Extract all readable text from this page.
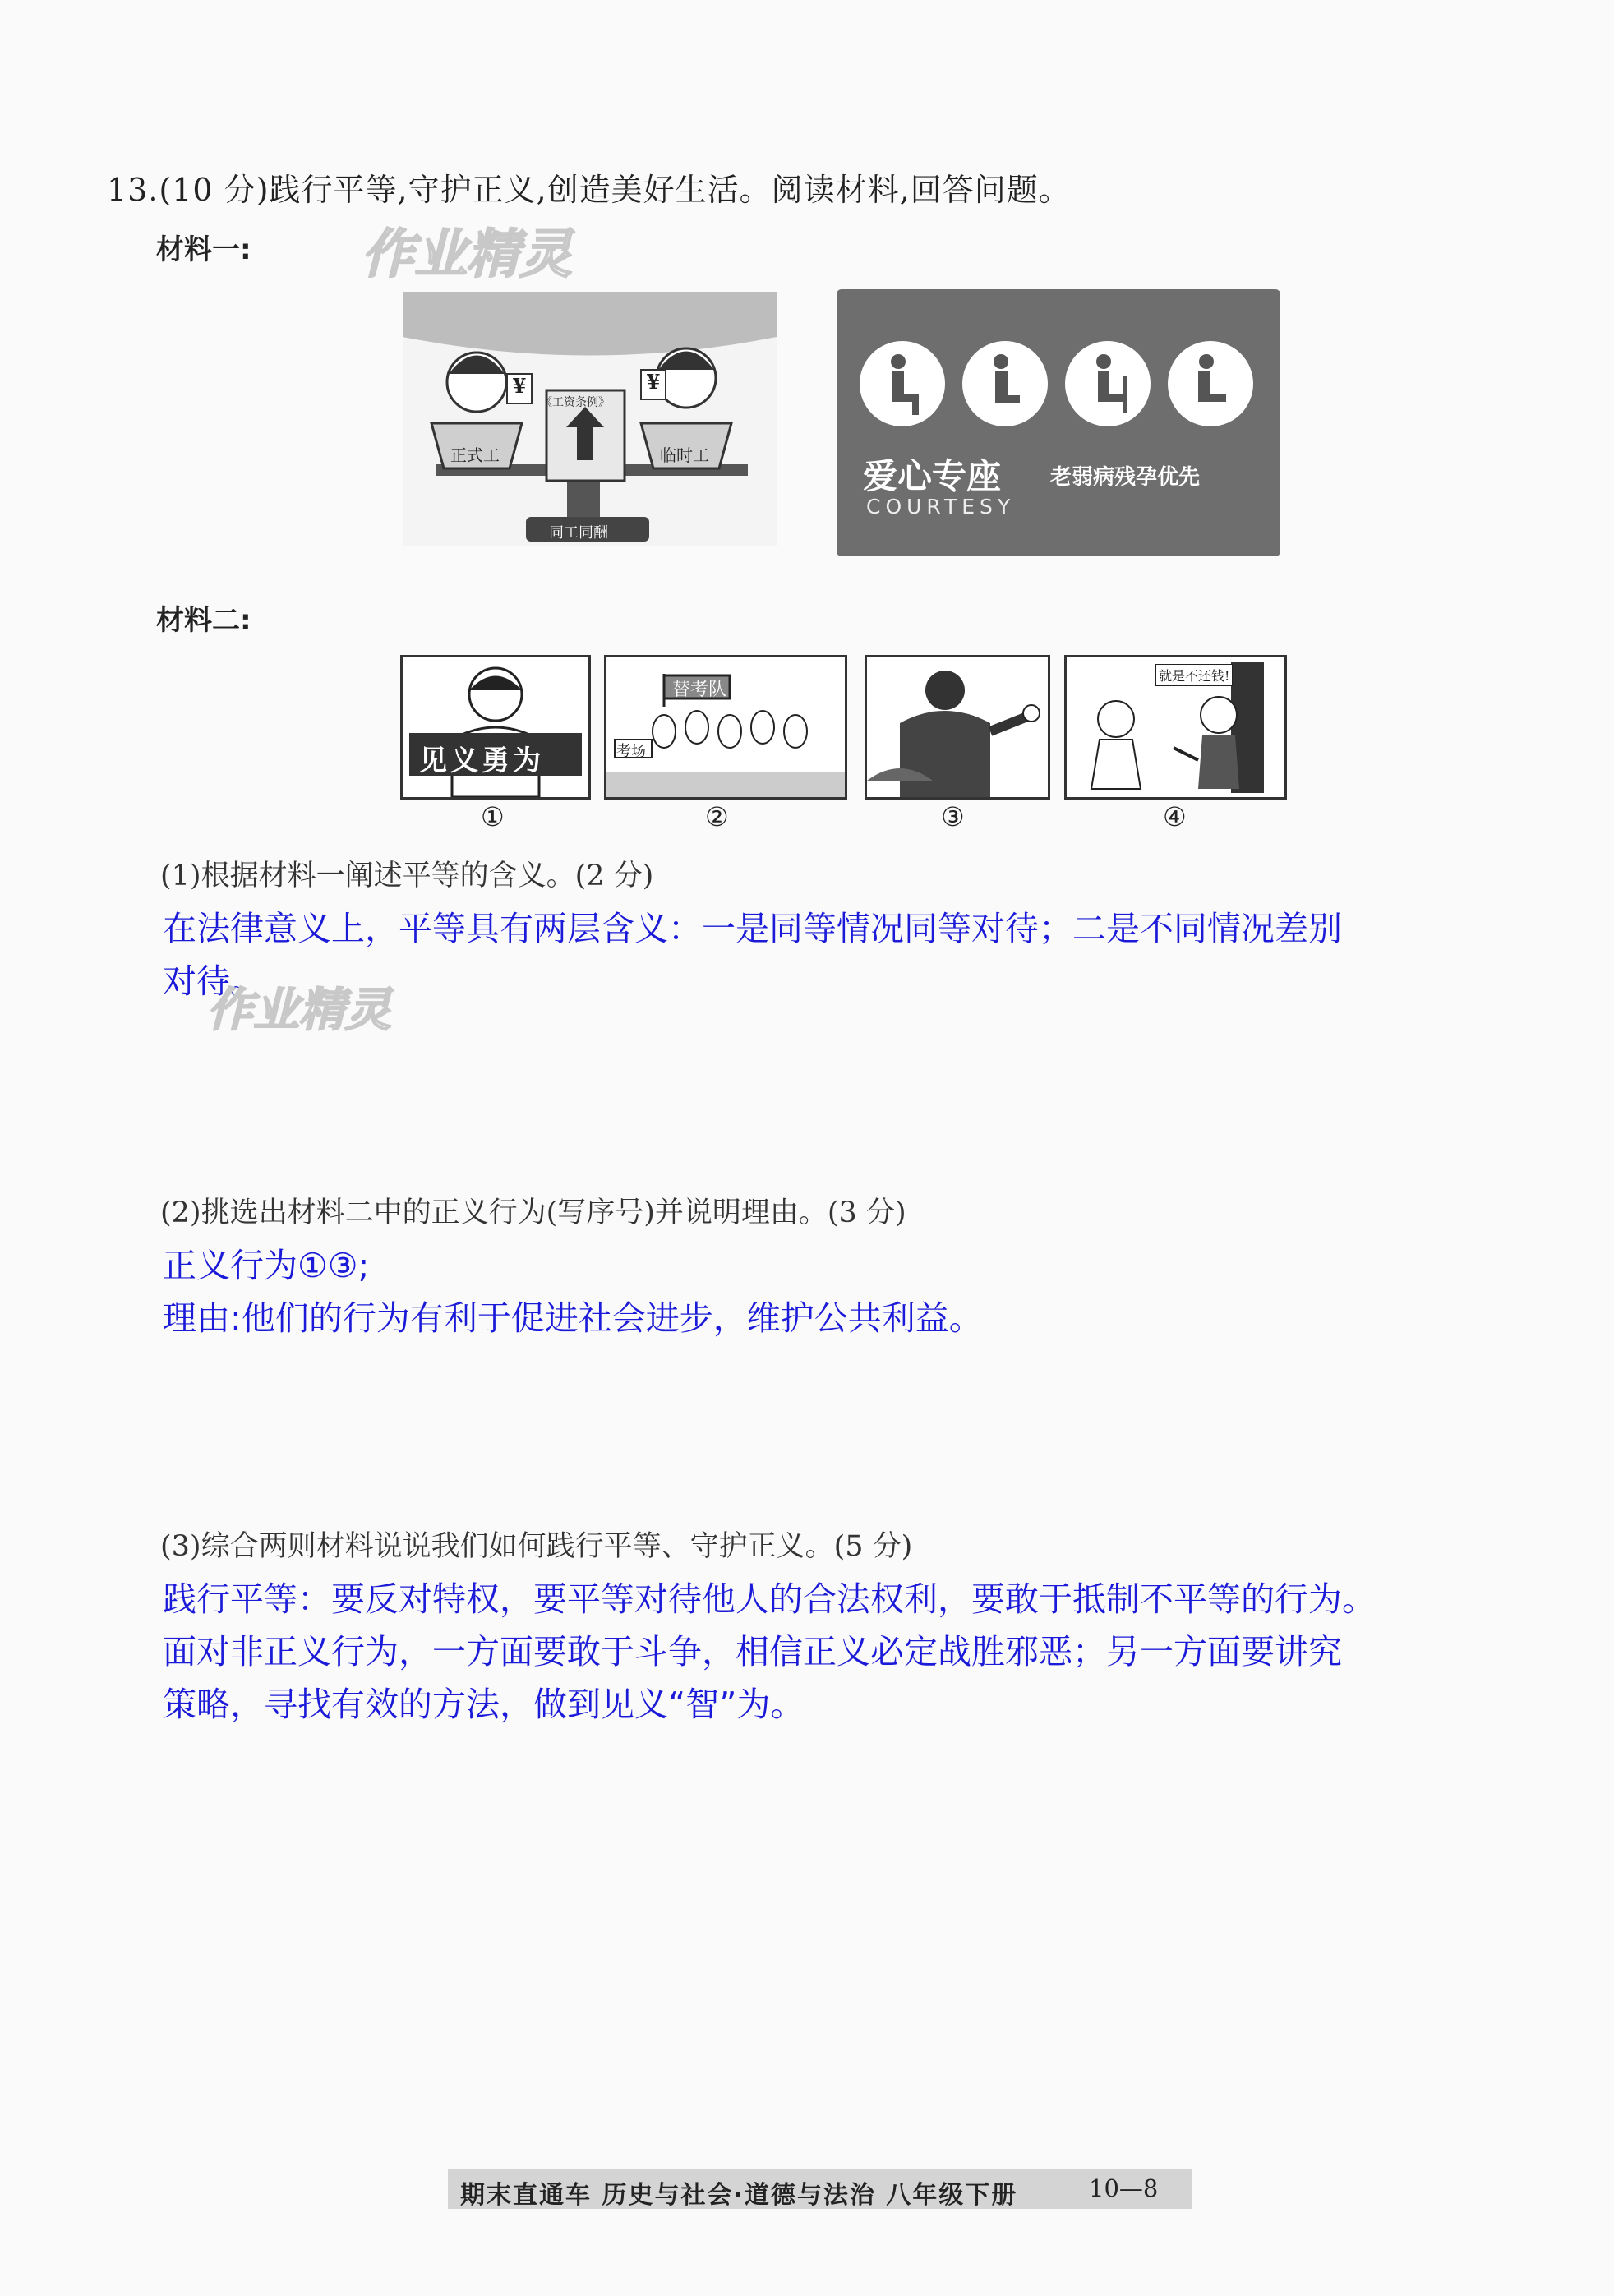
13.(10 分)践行平等,守护正义,创造美好生活。阅读材料,回答问题。
材料一: 作业精灵
¥	¥
正式工	临时工
《工资条例》
同工同酬
爱心专座 老弱病残孕优先
COURTESY
材料二:
见义勇为
替考队
考场
就是不还钱!
①	②	③	④
(1)根据材料一阐述平等的含义。(2 分)
在法律意义上，平等具有两层含义：一是同等情况同等对待；二是不同情况差别
对待。
作业精灵
(2)挑选出材料二中的正义行为(写序号)并说明理由。(3 分)
正义行为①③;
理由:他们的行为有利于促进社会进步，维护公共利益。
(3)综合两则材料说说我们如何践行平等、守护正义。(5 分)
践行平等：要反对特权，要平等对待他人的合法权利，要敢于抵制不平等的行为。
面对非正义行为，一方面要敢于斗争，相信正义必定战胜邪恶；另一方面要讲究
策略，寻找有效的方法，做到见义“智”为。
期末直通车 历史与社会·道德与法治 八年级下册	10—8
